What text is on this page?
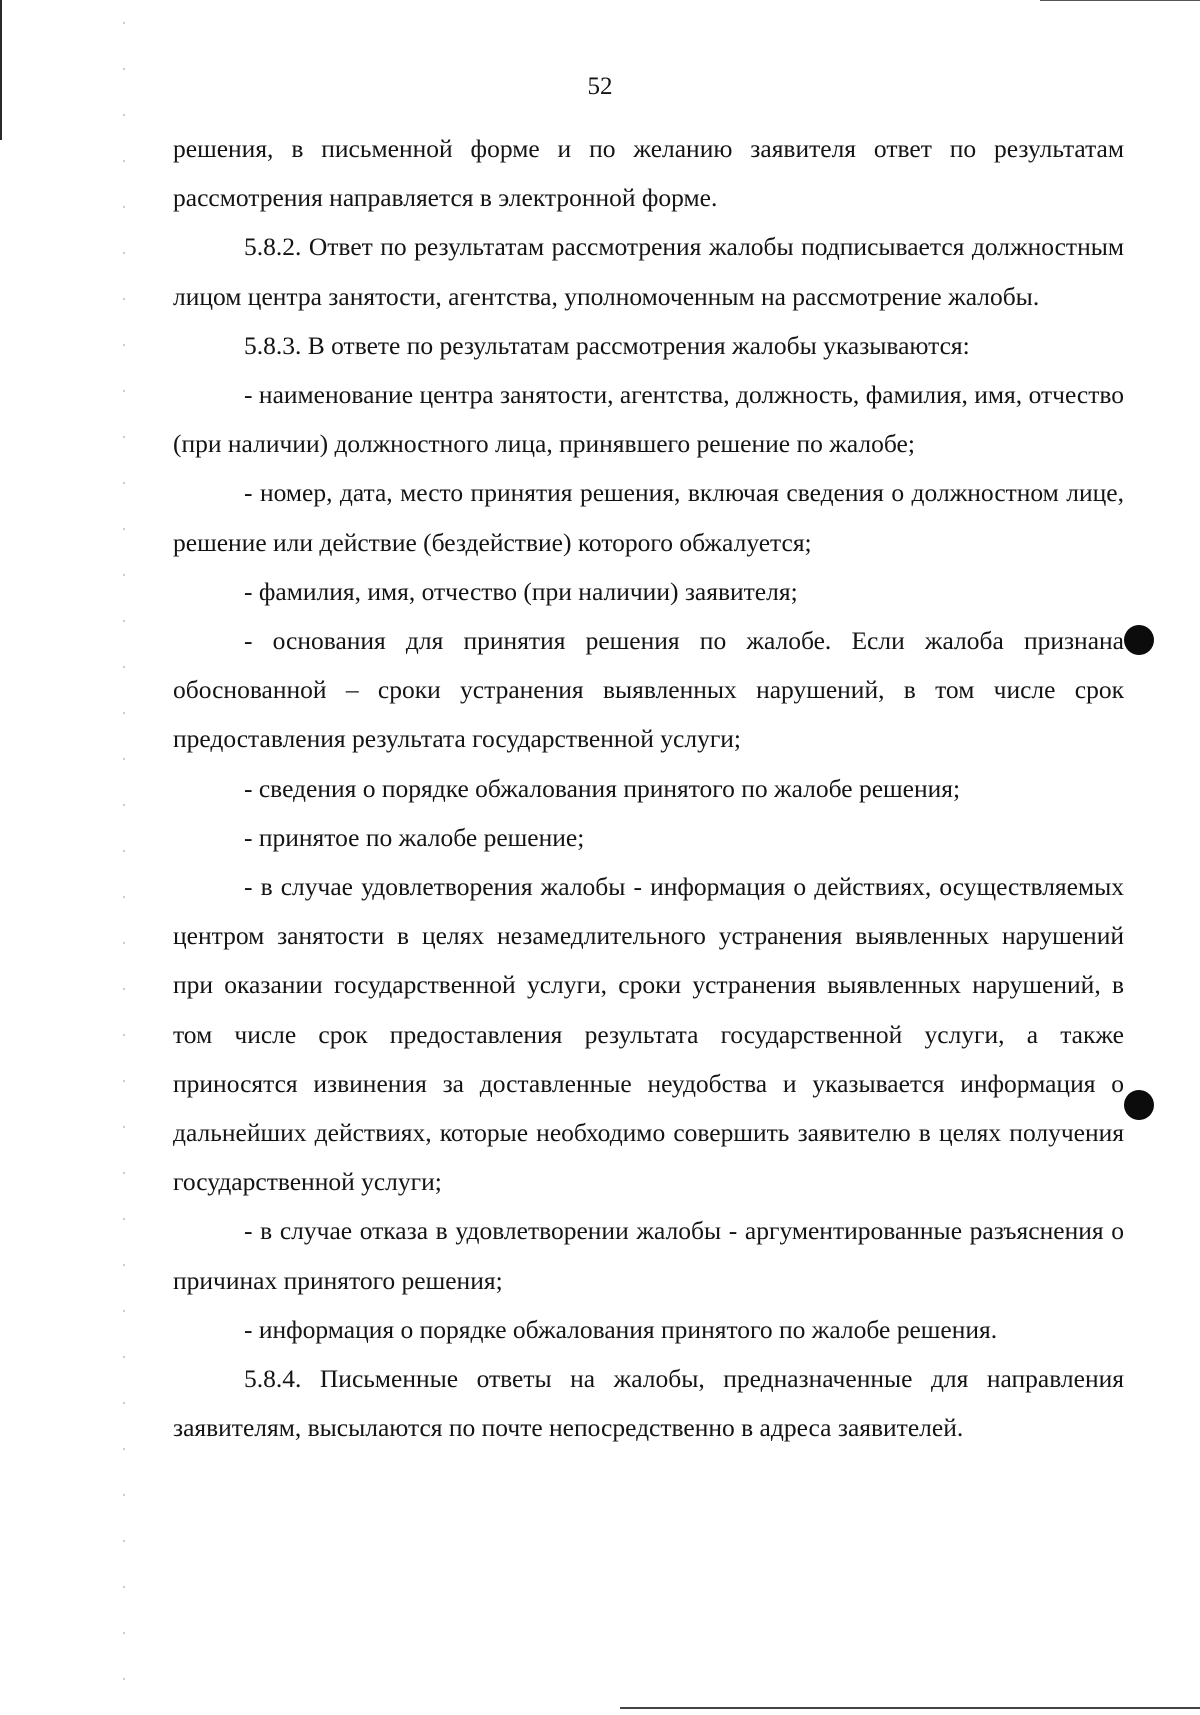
52

решения, в письменной форме и по желанию заявителя ответ по результатам рассмотрения направляется в электронной форме.

5.8.2. Ответ по результатам рассмотрения жалобы подписывается должностным лицом центра занятости, агентства, уполномоченным на рассмотрение жалобы.

5.8.3. В ответе по результатам рассмотрения жалобы указываются:

- наименование центра занятости, агентства, должность, фамилия, имя, отчество (при наличии) должностного лица, принявшего решение по жалобе;

- номер, дата, место принятия решения, включая сведения о должностном лице, решение или действие (бездействие) которого обжалуется;

- фамилия, имя, отчество (при наличии) заявителя;

- основания для принятия решения по жалобе. Если жалоба признана обоснованной – сроки устранения выявленных нарушений, в том числе срок предоставления результата государственной услуги;

- сведения о порядке обжалования принятого по жалобе решения;

- принятое по жалобе решение;

- в случае удовлетворения жалобы - информация о действиях, осуществляемых центром занятости в целях незамедлительного устранения выявленных нарушений при оказании государственной услуги, сроки устранения выявленных нарушений, в том числе срок предоставления результата государственной услуги, а также приносятся извинения за доставленные неудобства и указывается информация о дальнейших действиях, которые необходимо совершить заявителю в целях получения государственной услуги;

- в случае отказа в удовлетворении жалобы - аргументированные разъяснения о причинах принятого решения;

- информация о порядке обжалования принятого по жалобе решения.

5.8.4. Письменные ответы на жалобы, предназначенные для направления заявителям, высылаются по почте непосредственно в адреса заявителей.
